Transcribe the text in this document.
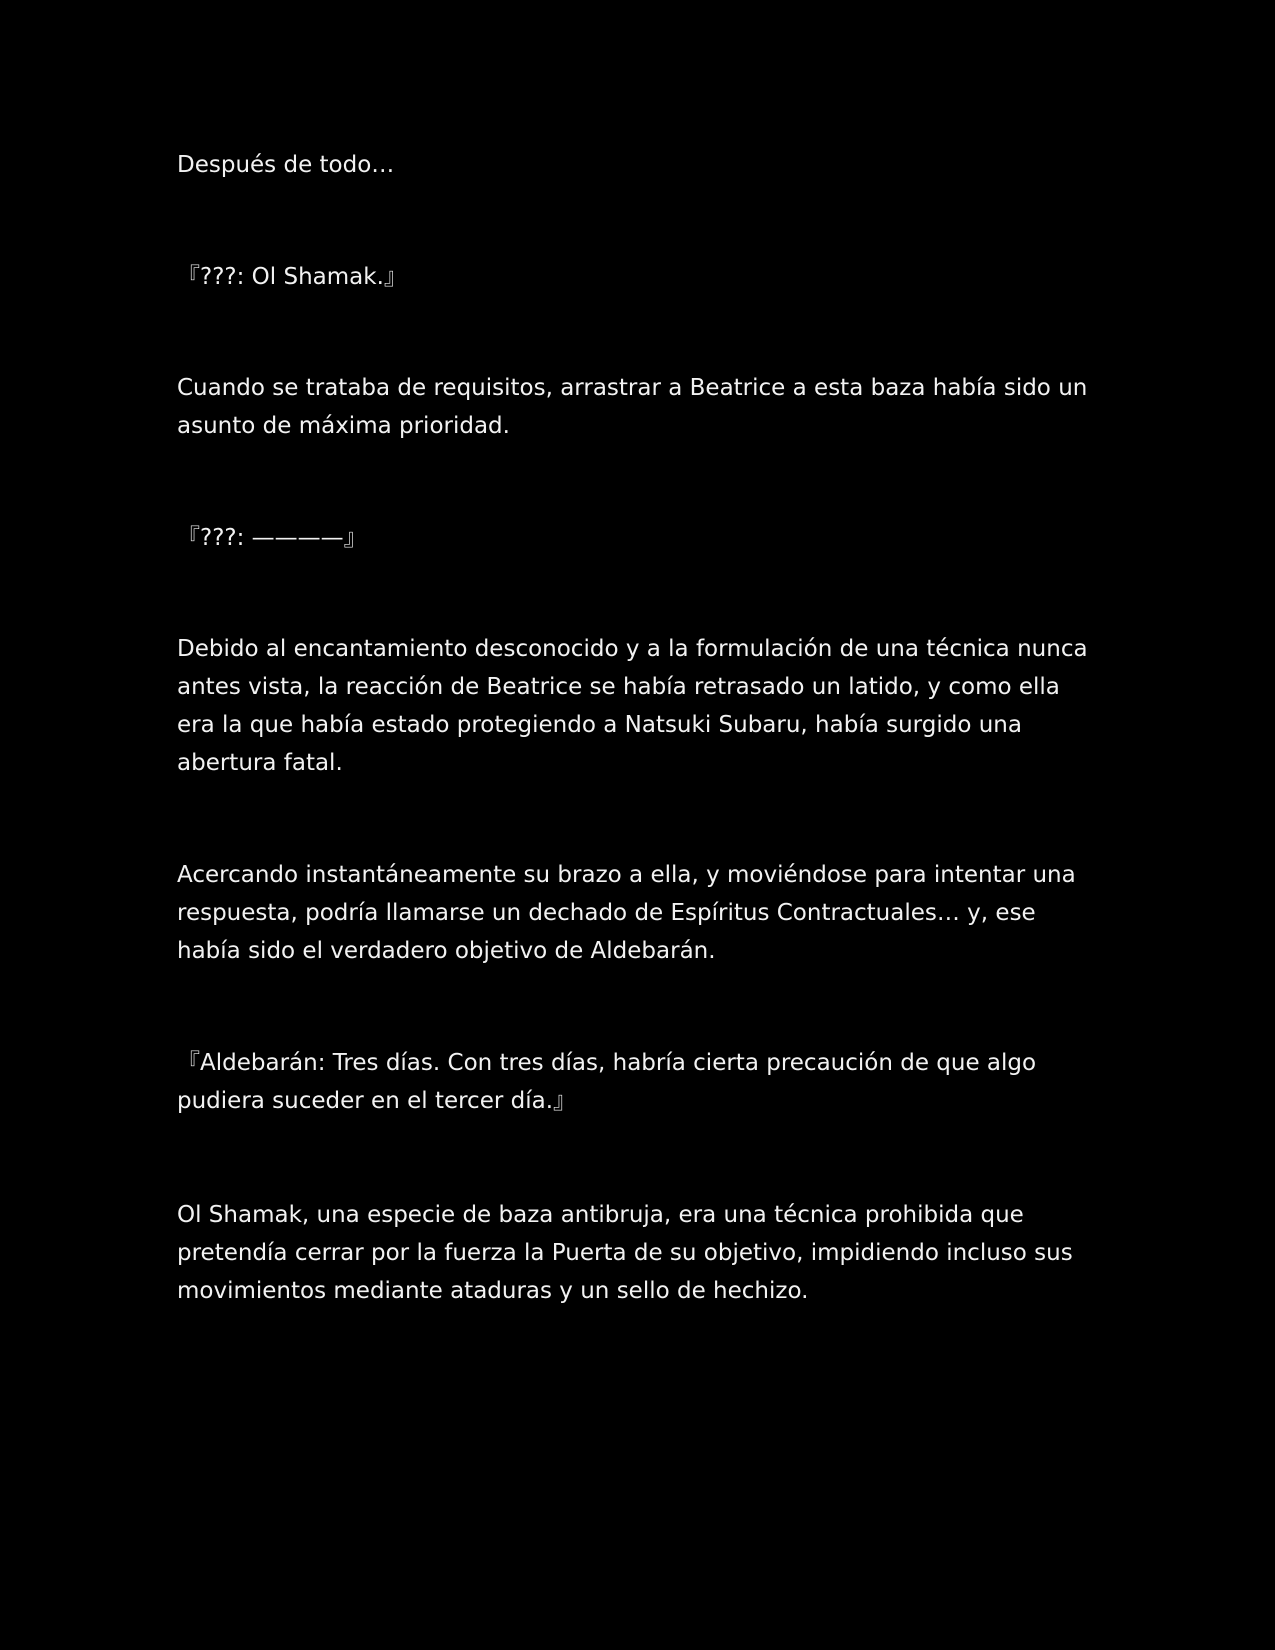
Después de todo…

『???: Ol Shamak.』

Cuando se trataba de requisitos, arrastrar a Beatrice a esta baza había sido un asunto de máxima prioridad.

『???: ————』

Debido al encantamiento desconocido y a la formulación de una técnica nunca antes vista, la reacción de Beatrice se había retrasado un latido, y como ella era la que había estado protegiendo a Natsuki Subaru, había surgido una abertura fatal.

Acercando instantáneamente su brazo a ella, y moviéndose para intentar una respuesta, podría llamarse un dechado de Espíritus Contractuales… y, ese había sido el verdadero objetivo de Aldebarán.

『Aldebarán: Tres días. Con tres días, habría cierta precaución de que algo pudiera suceder en el tercer día.』

Ol Shamak, una especie de baza antibruja, era una técnica prohibida que pretendía cerrar por la fuerza la Puerta de su objetivo, impidiendo incluso sus movimientos mediante ataduras y un sello de hechizo.
